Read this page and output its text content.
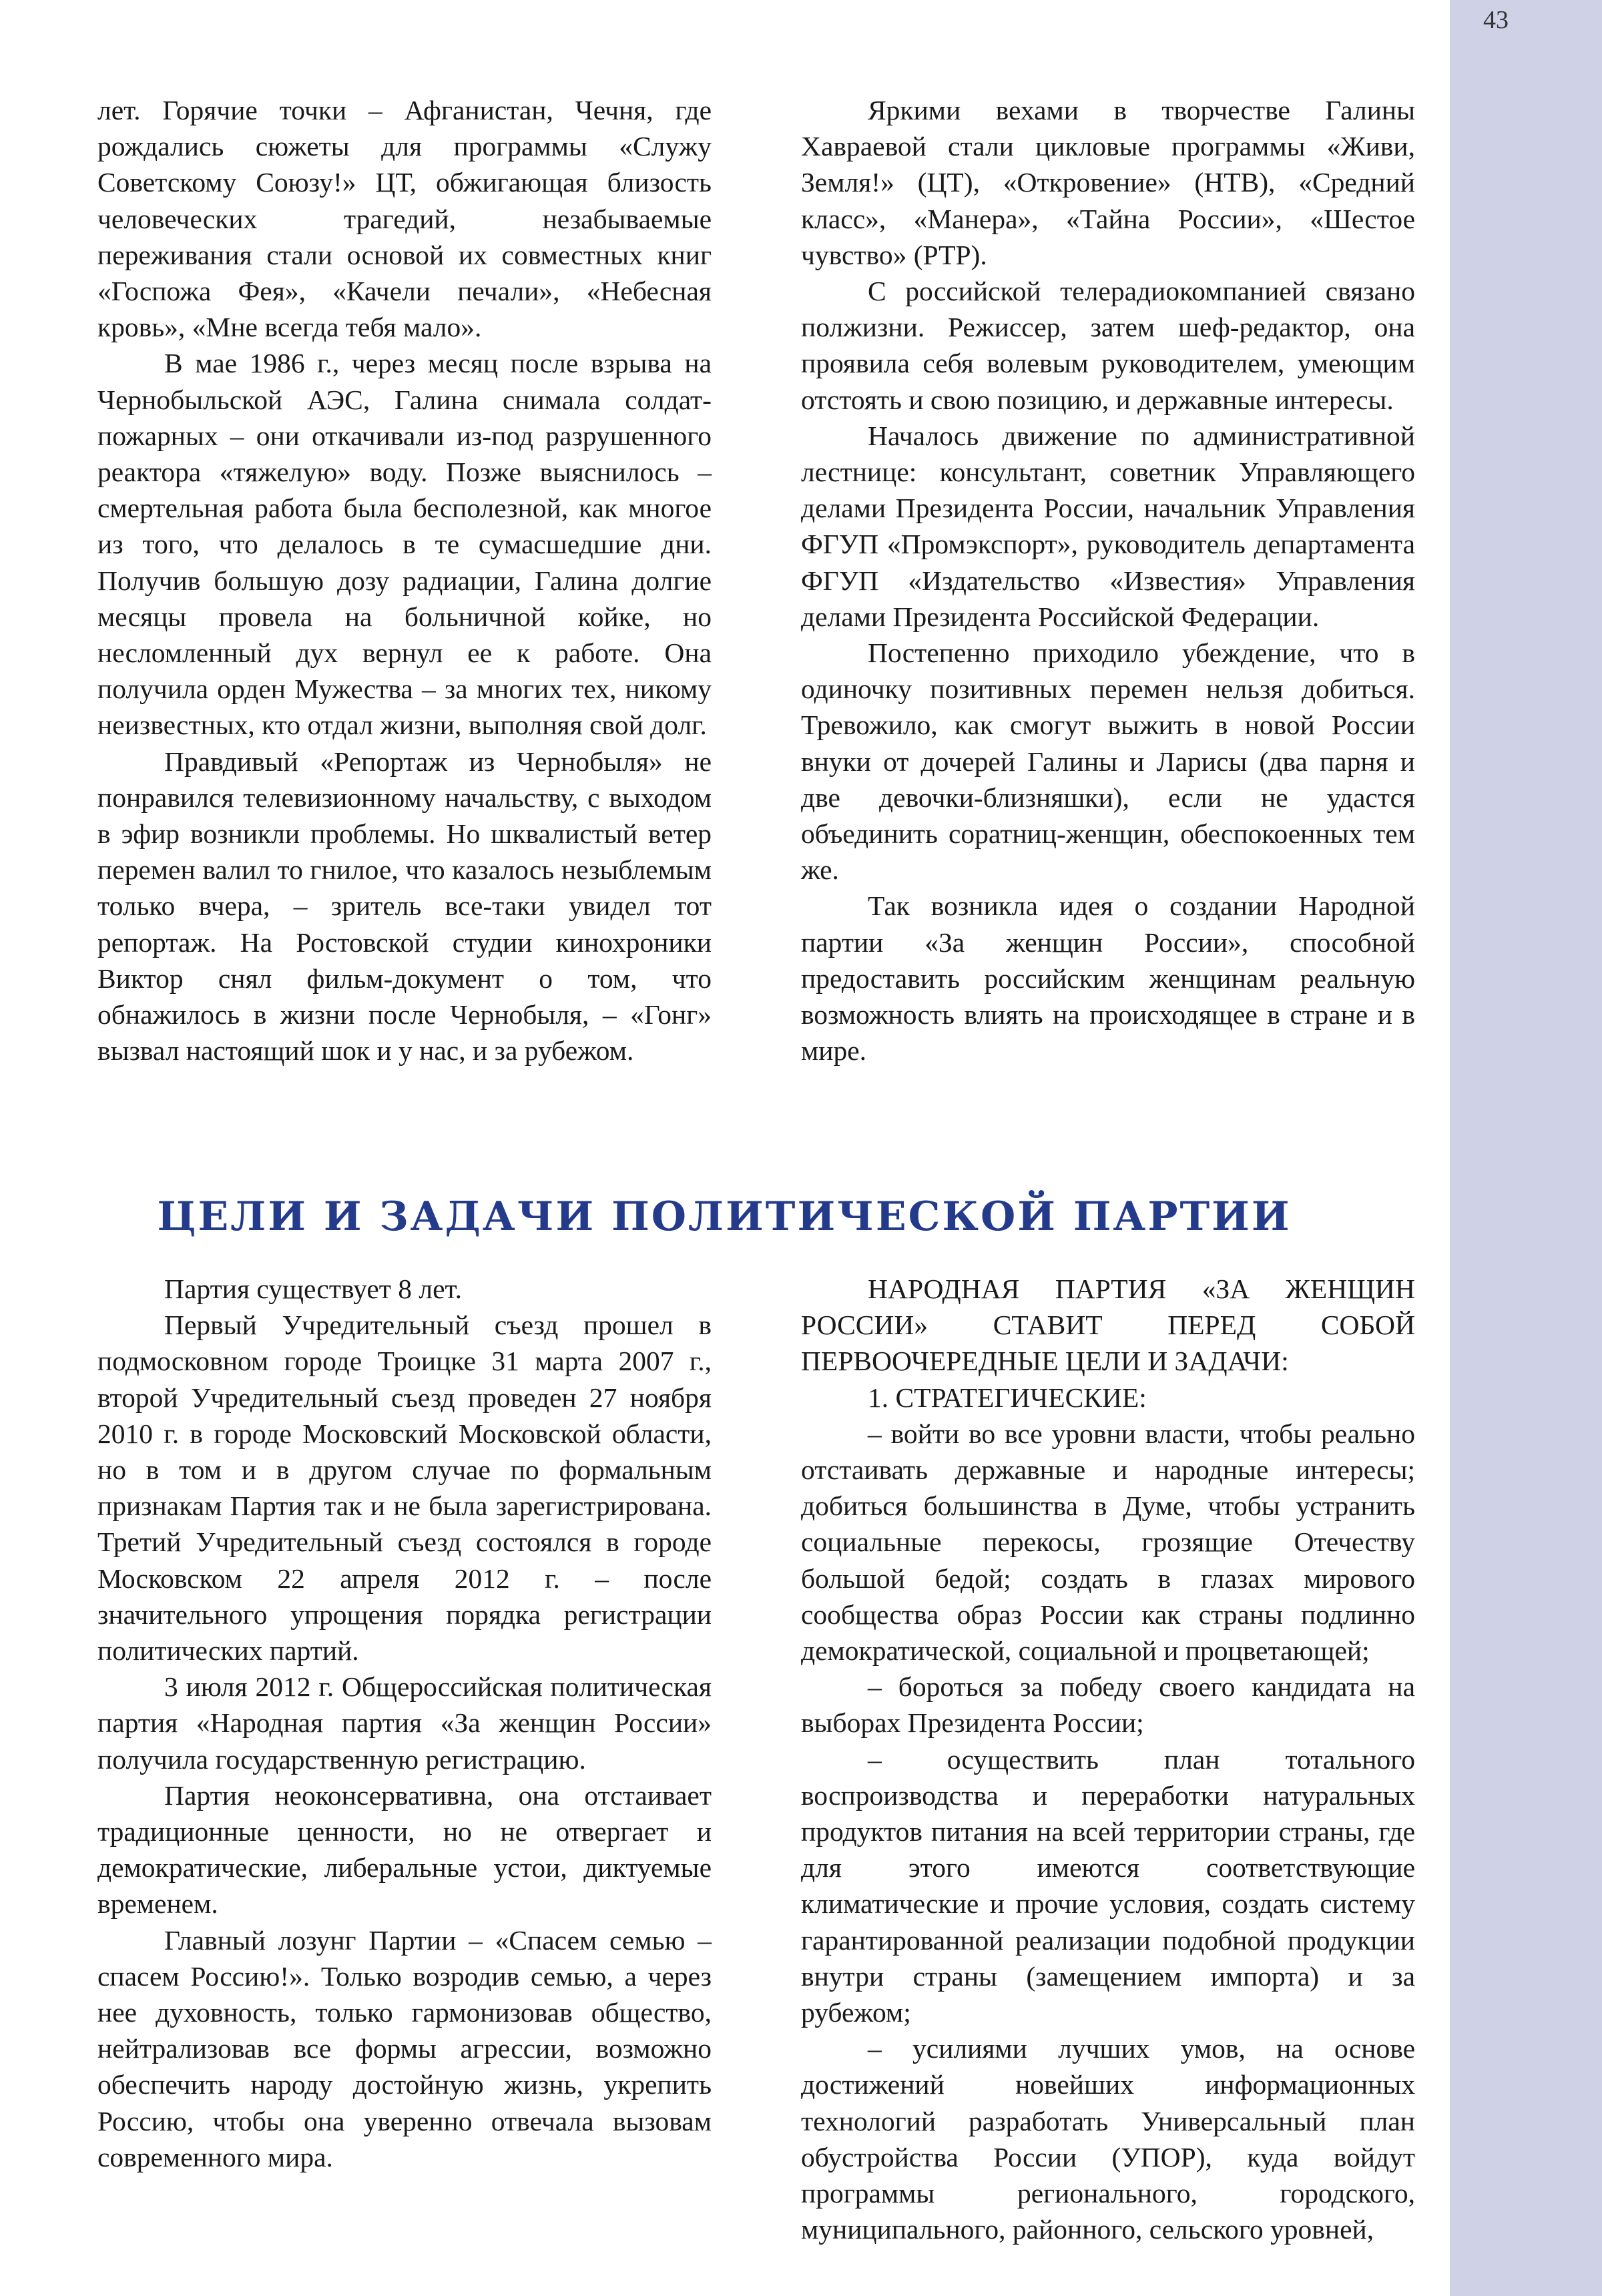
43

лет. Горячие точки – Афганистан, Чечня, где рождались сюжеты для программы «Служу Советскому Союзу!» ЦТ, обжигающая близость человеческих трагедий, незабываемые переживания стали основой их совместных книг «Госпожа Фея», «Качели печали», «Небесная кровь», «Мне всегда тебя мало».

В мае 1986 г., через месяц после взрыва на Чернобыльской АЭС, Галина снимала солдат-пожарных – они откачивали из-под разрушенного реактора «тяжелую» воду. Позже выяснилось – смертельная работа была бесполезной, как многое из того, что делалось в те сумасшедшие дни. Получив большую дозу радиации, Галина долгие месяцы провела на больничной койке, но несломленный дух вернул ее к работе. Она получила орден Мужества – за многих тех, никому неизвестных, кто отдал жизни, выполняя свой долг.

Правдивый «Репортаж из Чернобыля» не понравился телевизионному начальству, с выходом в эфир возникли проблемы. Но шквалистый ветер перемен валил то гнилое, что казалось незыблемым только вчера, – зритель все-таки увидел тот репортаж. На Ростовской студии кинохроники Виктор снял фильм-документ о том, что обнажилось в жизни после Чернобыля, – «Гонг» вызвал настоящий шок и у нас, и за рубежом.

Яркими вехами в творчестве Галины Хавраевой стали цикловые программы «Живи, Земля!» (ЦТ), «Откровение» (НТВ), «Средний класс», «Манера», «Тайна России», «Шестое чувство» (РТР).

С российской телерадиокомпанией связано полжизни. Режиссер, затем шеф-редактор, она проявила себя волевым руководителем, умеющим отстоять и свою позицию, и державные интересы.

Началось движение по административной лестнице: консультант, советник Управляющего делами Президента России, начальник Управления ФГУП «Промэкспорт», руководитель департамента ФГУП «Издательство «Известия» Управления делами Президента Российской Федерации.

Постепенно приходило убеждение, что в одиночку позитивных перемен нельзя добиться. Тревожило, как смогут выжить в новой России внуки от дочерей Галины и Ларисы (два парня и две девочки-близняшки), если не удастся объединить соратниц-женщин, обеспокоенных тем же.

Так возникла идея о создании Народной партии «За женщин России», способной предоставить российским женщинам реальную возможность влиять на происходящее в стране и в мире.

ЦЕЛИ И ЗАДАЧИ ПОЛИТИЧЕСКОЙ ПАРТИИ

Партия существует 8 лет.

Первый Учредительный съезд прошел в подмосковном городе Троицке 31 марта 2007 г., второй Учредительный съезд проведен 27 ноября 2010 г. в городе Московский Московской области, но в том и в другом случае по формальным признакам Партия так и не была зарегистрирована. Третий Учредительный съезд состоялся в городе Московском 22 апреля 2012 г. – после значительного упрощения порядка регистрации политических партий.

3 июля 2012 г. Общероссийская политическая партия «Народная партия «За женщин России» получила государственную регистрацию.

Партия неоконсервативна, она отстаивает традиционные ценности, но не отвергает и демократические, либеральные устои, диктуемые временем.

Главный лозунг Партии – «Спасем семью – спасем Россию!». Только возродив семью, а через нее духовность, только гармонизовав общество, нейтрализовав все формы агрессии, возможно обеспечить народу достойную жизнь, укрепить Россию, чтобы она уверенно отвечала вызовам современного мира.

НАРОДНАЯ ПАРТИЯ «ЗА ЖЕНЩИН РОССИИ» СТАВИТ ПЕРЕД СОБОЙ ПЕРВООЧЕРЕДНЫЕ ЦЕЛИ И ЗАДАЧИ:

1. СТРАТЕГИЧЕСКИЕ:

– войти во все уровни власти, чтобы реально отстаивать державные и народные интересы; добиться большинства в Думе, чтобы устранить социальные перекосы, грозящие Отечеству большой бедой; создать в глазах мирового сообщества образ России как страны подлинно демократической, социальной и процветающей;

– бороться за победу своего кандидата на выборах Президента России;

– осуществить план тотального воспроизводства и переработки натуральных продуктов питания на всей территории страны, где для этого имеются соответствующие климатические и прочие условия, создать систему гарантированной реализации подобной продукции внутри страны (замещением импорта) и за рубежом;

– усилиями лучших умов, на основе достижений новейших информационных технологий разработать Универсальный план обустройства России (УПОР), куда войдут программы регионального, городского, муниципального, районного, сельского уровней,
